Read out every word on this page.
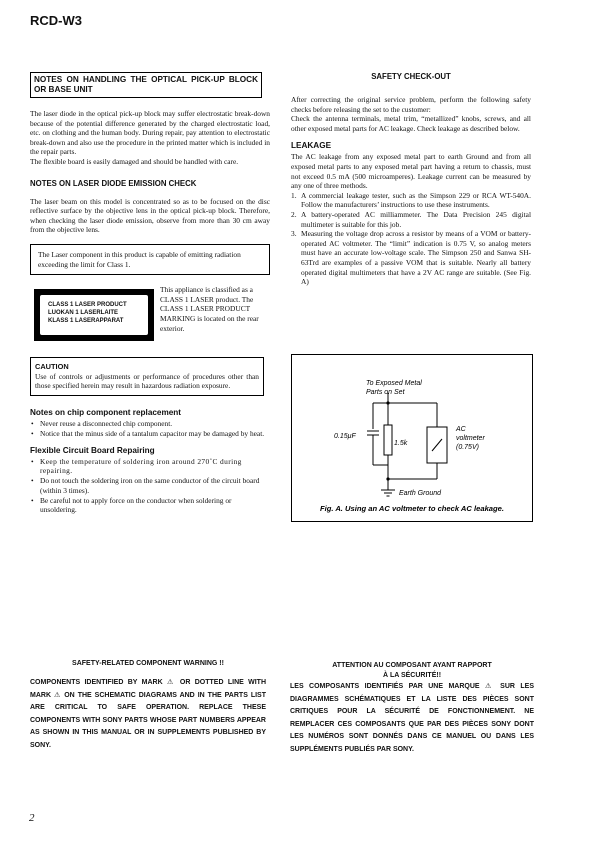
RCD-W3
NOTES ON HANDLING THE OPTICAL PICK-UP BLOCK OR BASE UNIT

The laser diode in the optical pick-up block may suffer electrostatic break-down because of the potential difference generated by the charged electrostatic load, etc. on clothing and the human body. During repair, pay attention to electrostatic break-down and also use the procedure in the printed matter which is included in the repair parts.

The flexible board is easily damaged and should be handled with care.

NOTES ON LASER DIODE EMISSION CHECK

The laser beam on this model is concentrated so as to be focused on the disc reflective surface by the objective lens in the optical pick-up block. Therefore, when checking the laser diode emission, observe from more than 30 cm away from the objective lens.

The Laser component in this product is capable of emitting radiation exceeding the limit for Class 1.
CLASS 1 LASER PRODUCT
LUOKAN 1 LASERLAITE
KLASS 1 LASERAPPARAT

This appliance is classified as a CLASS 1 LASER product. The CLASS 1 LASER PRODUCT MARKING is located on the rear exterior.

CAUTION

Use of controls or adjustments or performance of procedures other than those specified herein may result in hazardous radiation exposure.

Notes on chip component replacement
• Never reuse a disconnected chip component.
• Notice that the minus side of a tantalum capacitor may be damaged by heat.
Flexible Circuit Board Repairing
• Keep the temperature of soldering iron around 270˚C during repairing.
• Do not touch the soldering iron on the same conductor of the circuit board (within 3 times).
• Be careful not to apply force on the conductor when soldering or unsoldering.
SAFETY CHECK-OUT

After correcting the original service problem, perform the following safety checks before releasing the set to the customer:

Check the antenna terminals, metal trim, “metallized” knobs, screws, and all other exposed metal parts for AC leakage. Check leakage as described below.

LEAKAGE

The AC leakage from any exposed metal part to earth Ground and from all exposed metal parts to any exposed metal part having a return to chassis, must not exceed 0.5 mA (500 microamperes). Leakage current can be measured by any one of three methods.

1. A commercial leakage tester, such as the Simpson 229 or RCA WT-540A. Follow the manufacturers’ instructions to use these instruments.
2. A battery-operated AC milliammeter. The Data Precision 245 digital multimeter is suitable for this job.
3. Measuring the voltage drop across a resistor by means of a VOM or battery-operated AC voltmeter. The “limit” indication is 0.75 V, so analog meters must have an accurate low-voltage scale. The Simpson 250 and Sanwa SH-63Trd are examples of a passive VOM that is suitable. Nearly all battery operated digital multimeters that have a 2V AC range are suitable. (See Fig. A)
To Exposed Metal
Parts on Set
0.15μF
1.5k
AC
voltmeter
(0.75V)
Earth Ground
Fig. A. Using an AC voltmeter to check AC leakage.
SAFETY-RELATED COMPONENT WARNING !!

COMPONENTS IDENTIFIED BY MARK ⚠ OR DOTTED LINE WITH MARK ⚠ ON THE SCHEMATIC DIAGRAMS AND IN THE PARTS LIST ARE CRITICAL TO SAFE OPERATION. REPLACE THESE COMPONENTS WITH SONY PARTS WHOSE PART NUMBERS APPEAR AS SHOWN IN THIS MANUAL OR IN SUPPLEMENTS PUBLISHED BY SONY.

ATTENTION AU COMPOSANT AYANT RAPPORT
À LA SÉCURITÉ!!

LES COMPOSANTS IDENTIFIÉS PAR UNE MARQUE ⚠ SUR LES DIAGRAMMES SCHÉMATIQUES ET LA LISTE DES PIÈCES SONT CRITIQUES POUR LA SÉCURITÉ DE FONCTIONNEMENT. NE REMPLACER CES COMPOSANTS QUE PAR DES PIÈCES SONY DONT LES NUMÉROS SONT DONNÉS DANS CE MANUEL OU DANS LES SUPPLÉMENTS PUBLIÉS PAR SONY.

2
